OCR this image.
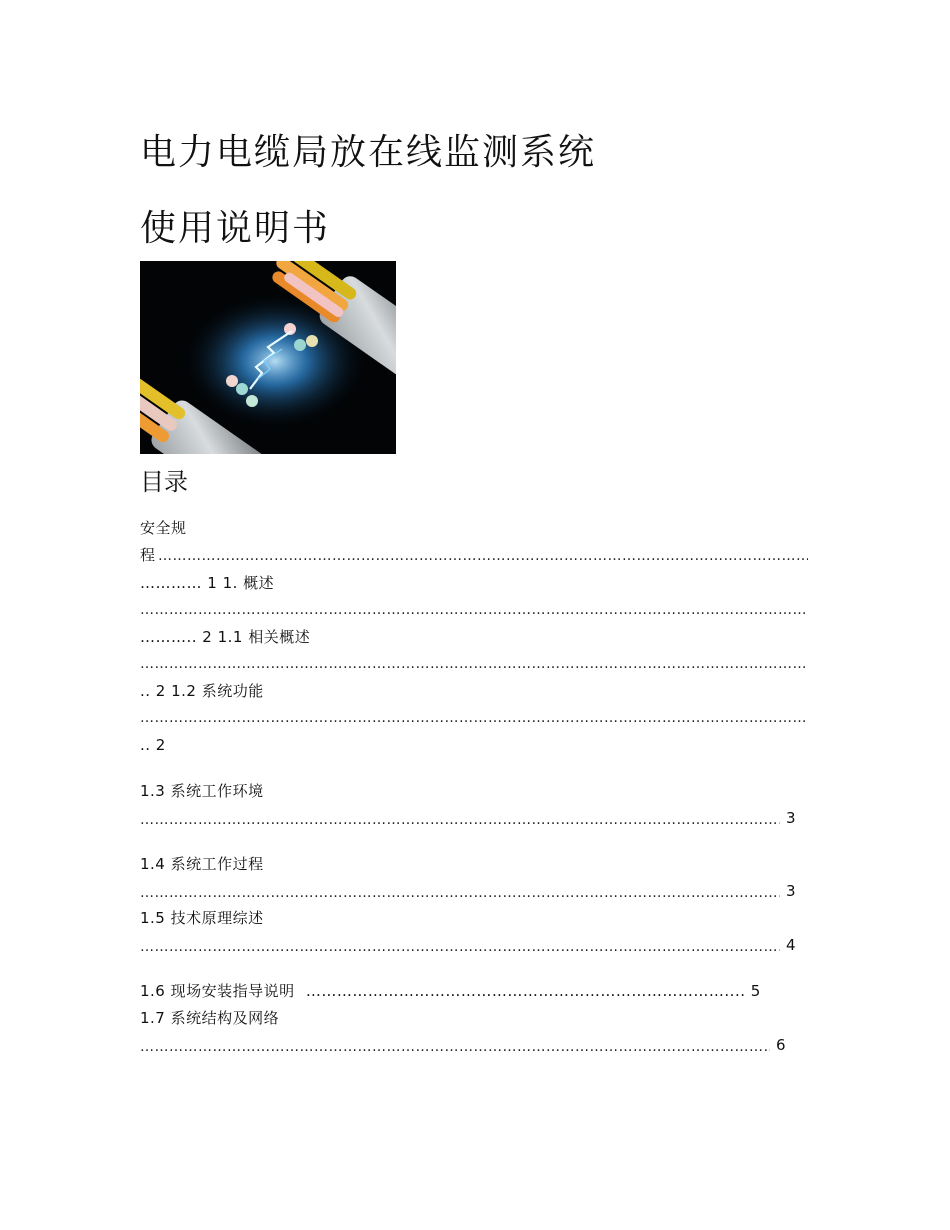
电力电缆局放在线监测系统
使用说明书
目录
安全规
程
……………………………………………………………………………………………………………………………………………………………………………………………………………
………… 1 1. 概述
……………………………………………………………………………………………………………………………………………………………………………………………………………
……….. 2 1.1 相关概述
……………………………………………………………………………………………………………………………………………………………………………………………………………
.. 2 1.2 系统功能
……………………………………………………………………………………………………………………………………………………………………………………………………………
.. 2
1.3 系统工作环境
……………………………………………………………………………………………………………………………………………………………………………………………………………
3
1.4 系统工作过程
……………………………………………………………………………………………………………………………………………………………………………………………………………
3
1.5 技术原理综述
……………………………………………………………………………………………………………………………………………………………………………………………………………
4
1.6 现场安装指导说明 ……………………………………………………………………….... 5
1.7 系统结构及网络
……………………………………………………………………………………………………………………………………………………………………………………………………………
6
